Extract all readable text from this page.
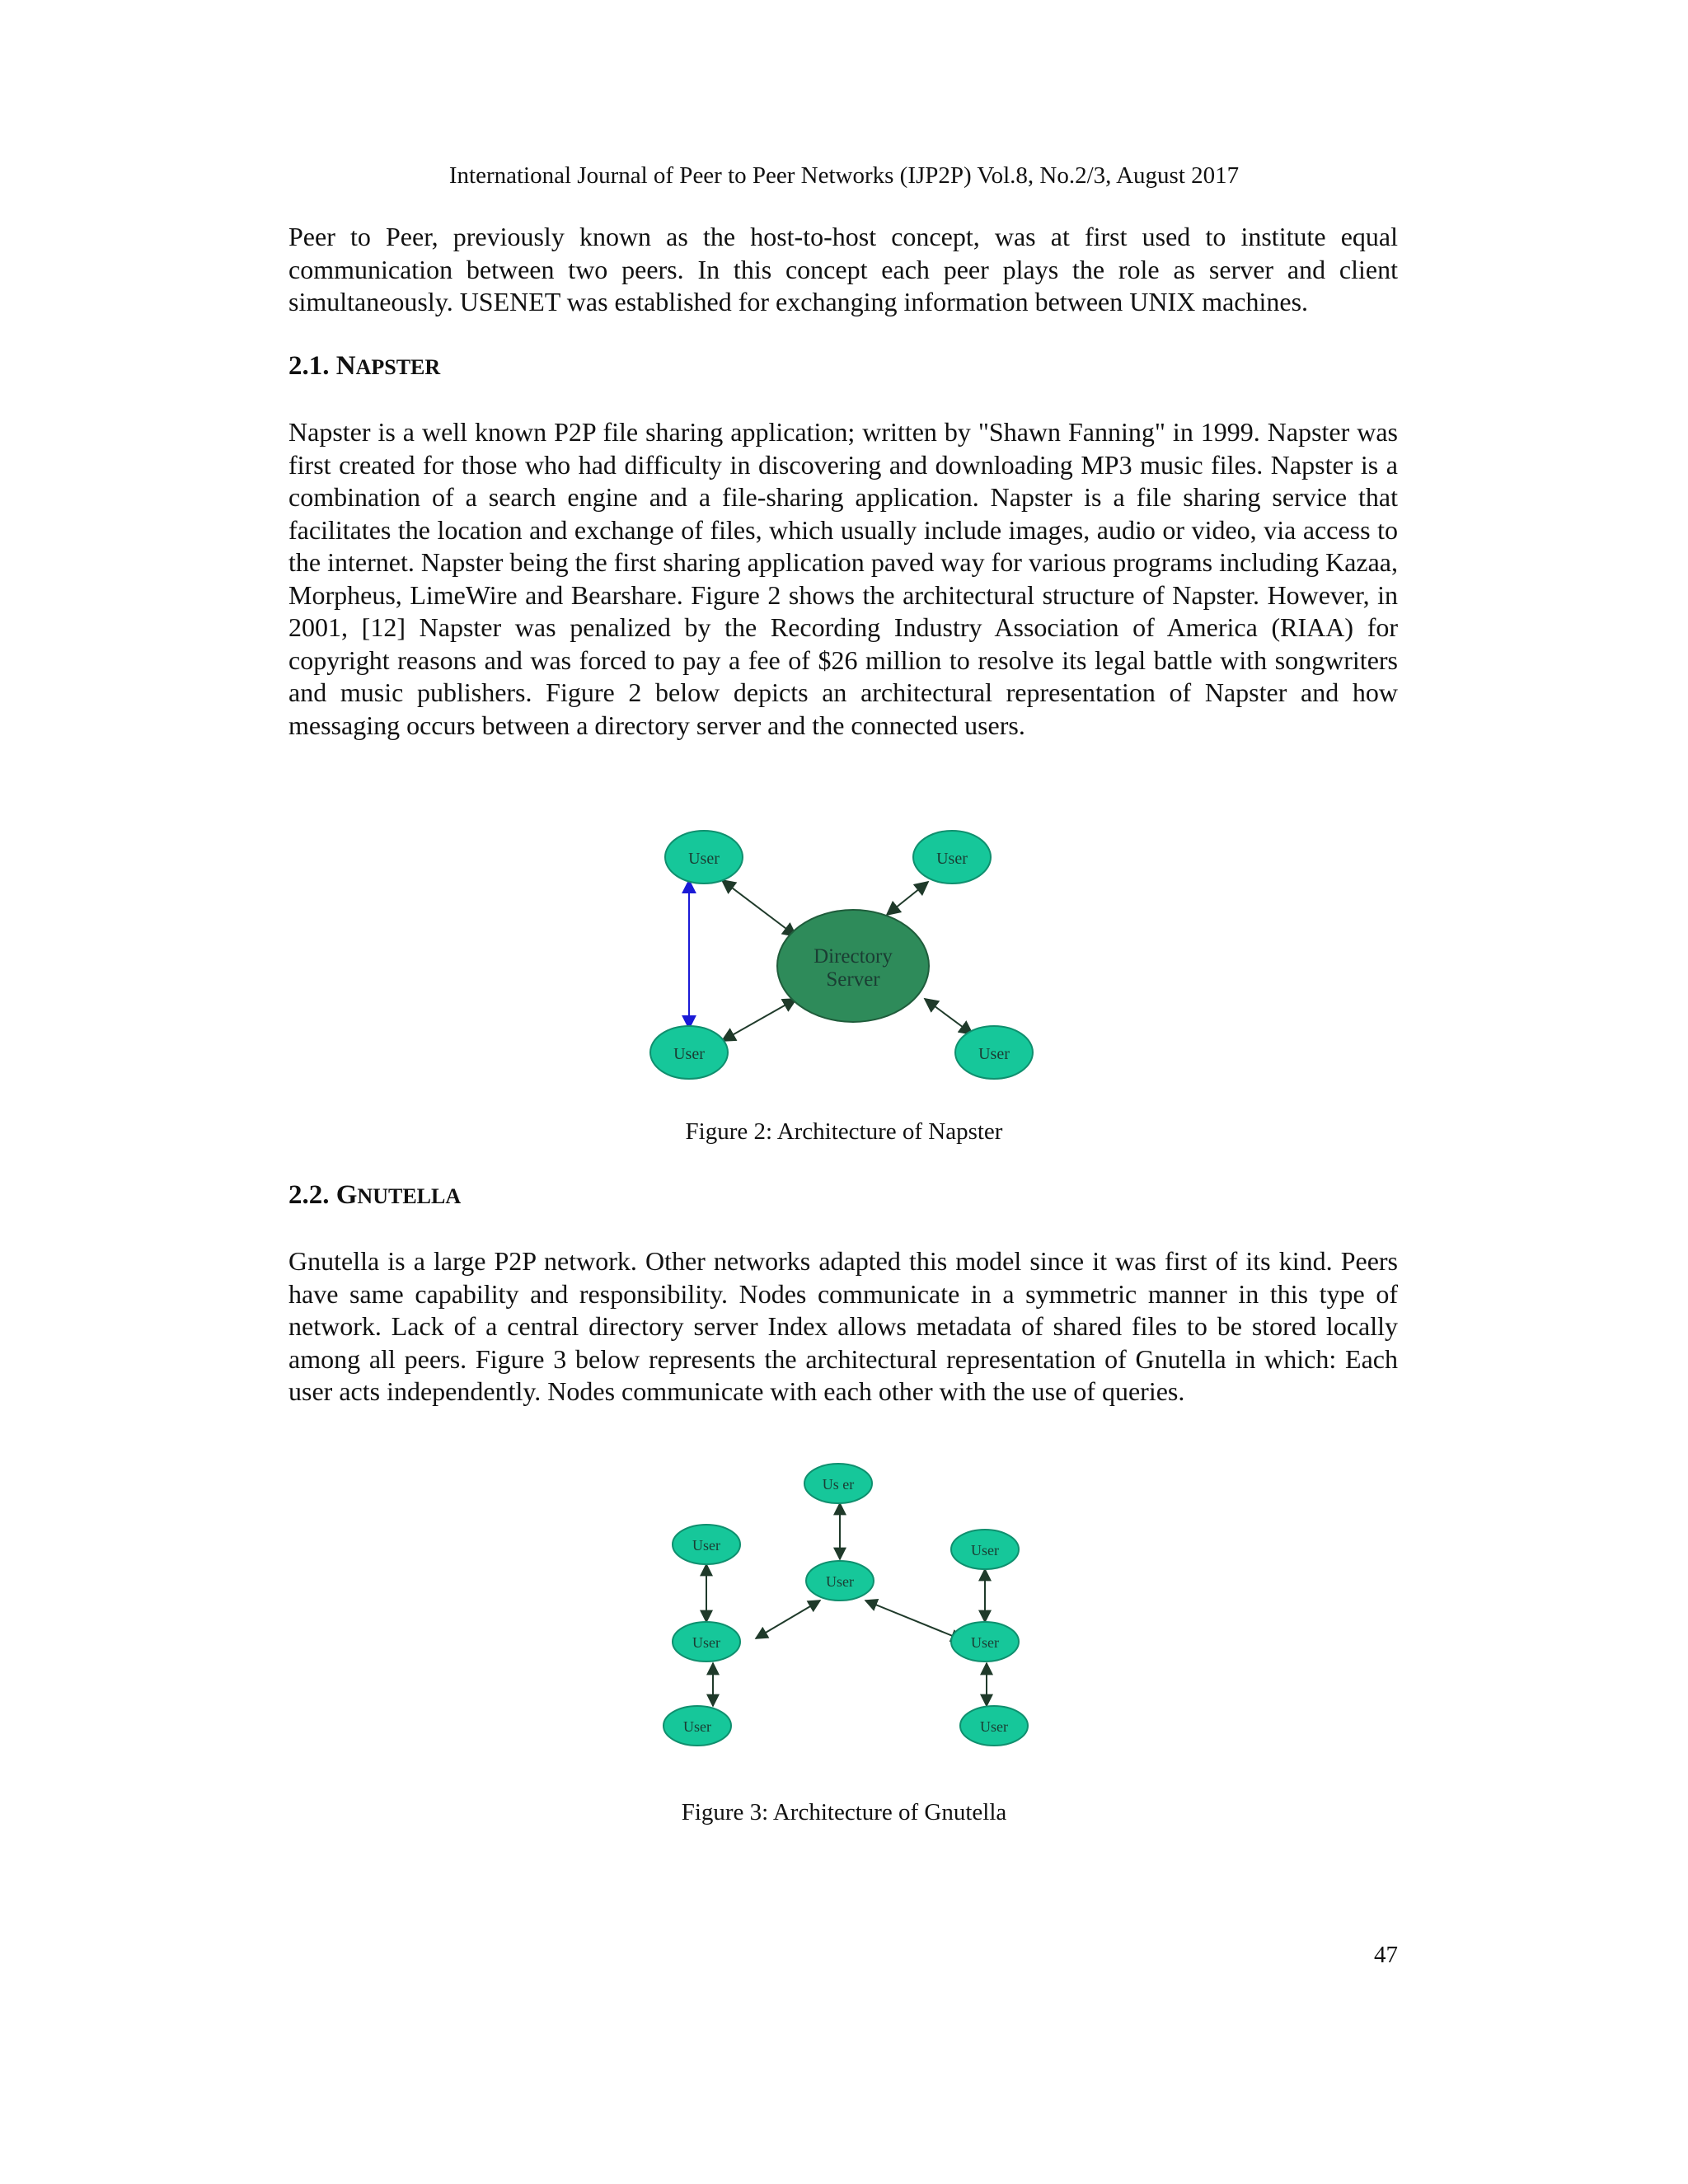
International Journal of Peer to Peer Networks (IJP2P) Vol.8, No.2/3, August 2017

Peer to Peer, previously known as the host-to-host concept, was at first used to institute equal communication between two peers. In this concept each peer plays the role as server and client simultaneously. USENET was established for exchanging information between UNIX machines.

2.1. NAPSTER

Napster is a well known P2P file sharing application; written by "Shawn Fanning" in 1999. Napster was first created for those who had difficulty in discovering and downloading MP3 music files. Napster is a combination of a search engine and a file-sharing application. Napster is a file sharing service that facilitates the location and exchange of files, which usually include images, audio or video, via access to the internet. Napster being the first sharing application paved way for various programs including Kazaa, Morpheus, LimeWire and Bearshare. Figure 2 shows the architectural structure of Napster. However, in 2001, [12] Napster was penalized by the Recording Industry Association of America (RIAA) for copyright reasons and was forced to pay a fee of $26 million to resolve its legal battle with songwriters and music publishers. Figure 2 below depicts an architectural representation of Napster and how messaging occurs between a directory server and the connected users.

Directory
Server
User	User
User	User
Figure 2: Architecture of Napster
2.2. GNUTELLA

Gnutella is a large P2P network. Other networks adapted this model since it was first of its kind. Peers have same capability and responsibility. Nodes communicate in a symmetric manner in this type of network. Lack of a central directory server Index allows metadata of shared files to be stored locally among all peers. Figure 3 below represents the architectural representation of Gnutella in which: Each user acts independently. Nodes communicate with each other with the use of queries.

Us er
User
User	User
User	User
User	User
Figure 3: Architecture of Gnutella
47
